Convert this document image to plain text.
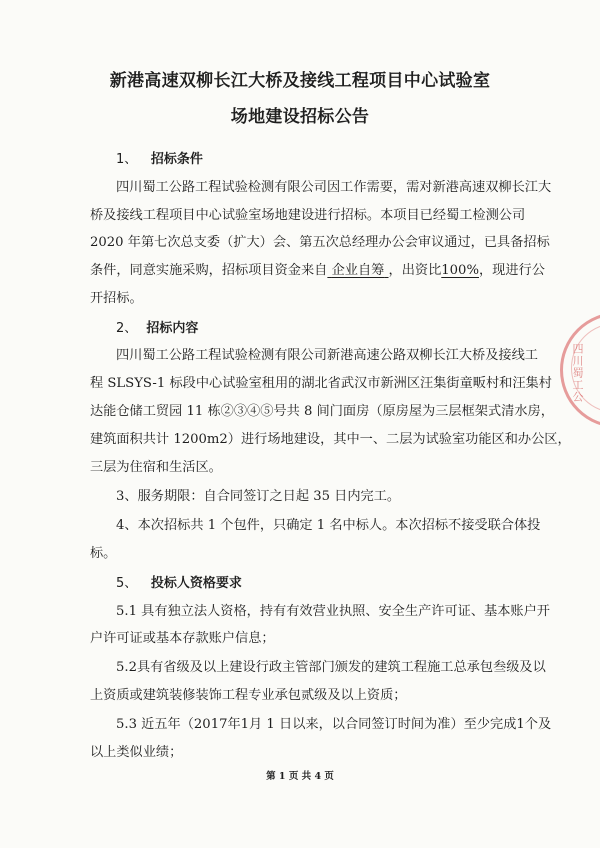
新港高速双柳长江大桥及接线工程项目中心试验室
场地建设招标公告
1、 招标条件
四川蜀工公路工程试验检测有限公司因工作需要，需对新港高速双柳长江大
桥及接线工程项目中心试验室场地建设进行招标。本项目已经蜀工检测公司
2020 年第七次总支委（扩大）会、第五次总经理办公会审议通过，已具备招标
条件，同意实施采购，招标项目资金来自 企业自筹 ，出资比100%，现进行公
开招标。
2、 招标内容
四川蜀工公路工程试验检测有限公司新港高速公路双柳长江大桥及接线工
程 SLSYS-1 标段中心试验室租用的湖北省武汉市新洲区汪集街童畈村和汪集村
达能仓储工贸园 11 栋②③④⑤号共 8 间门面房（原房屋为三层框架式清水房，
建筑面积共计 1200m2）进行场地建设，其中一、二层为试验室功能区和办公区，
三层为住宿和生活区。
3、服务期限：自合同签订之日起 35 日内完工。
4、本次招标共 1 个包件，只确定 1 名中标人。本次招标不接受联合体投
标。
5、 投标人资格要求
5.1 具有独立法人资格，持有有效营业执照、安全生产许可证、基本账户开
户许可证或基本存款账户信息；
5.2具有省级及以上建设行政主管部门颁发的建筑工程施工总承包叁级及以
上资质或建筑装修装饰工程专业承包贰级及以上资质；
5.3 近五年（2017年1月 1 日以来，以合同签订时间为准）至少完成1个及
以上类似业绩；
第 1 页 共 4 页
四川蜀工公
